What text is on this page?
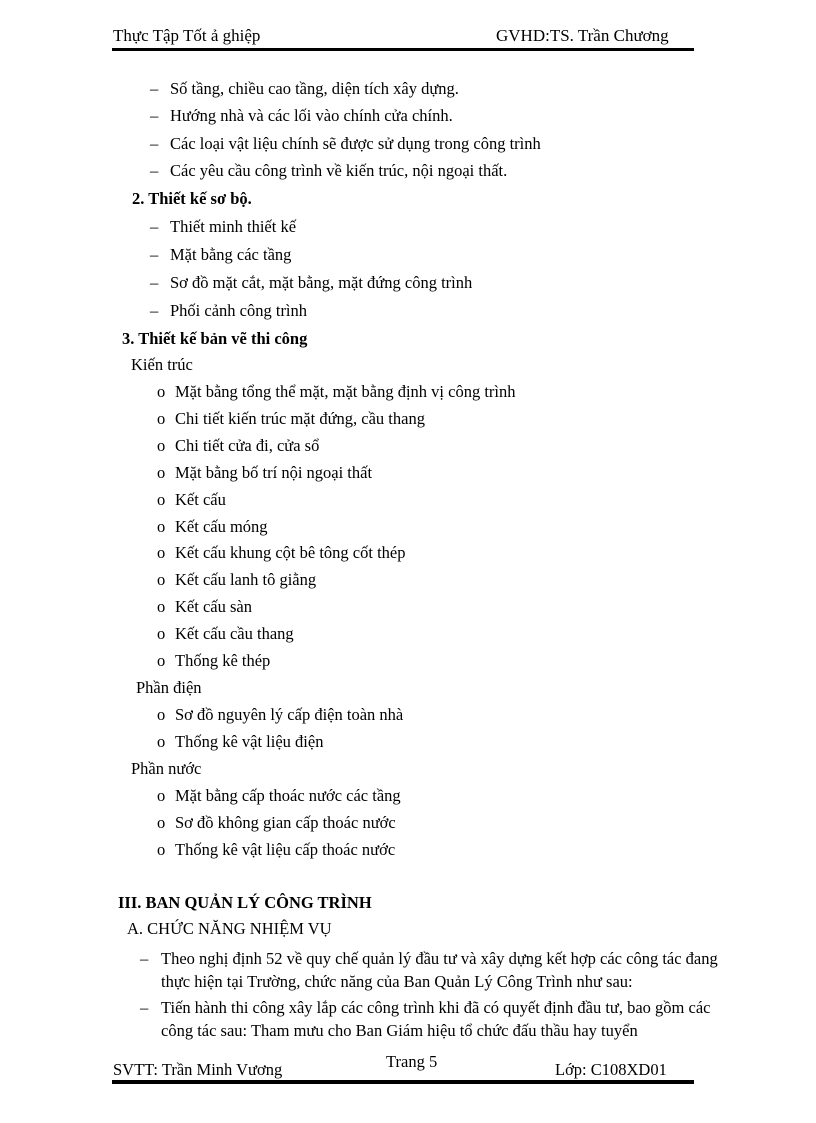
Thực Tập Tốt ả ghiệp	GVHD:TS. Trần Chương
– Số tầng, chiều cao tầng, diện tích xây dựng.
– Hướng nhà và các lối vào chính cửa chính.
– Các loại vật liệu chính sẽ được sử dụng trong công trình
– Các yêu cầu công trình về kiến trúc, nội ngoại thất.
2. Thiết kế sơ bộ.
– Thiết minh thiết kế
– Mặt bằng các tầng
– Sơ đồ mặt cắt, mặt bằng, mặt đứng công trình
– Phối cảnh công trình
3. Thiết kế bản vẽ thi công
Kiến trúc
o Mặt bằng tổng thể mặt, mặt bằng định vị công trình
o Chi tiết kiến trúc mặt đứng, cầu thang
o Chi tiết cửa đi, cửa sổ
o Mặt bằng bố trí nội ngoại thất
o Kết cấu
o Kết cấu móng
o Kết cấu khung cột bê tông cốt thép
o Kết cấu lanh tô giằng
o Kết cấu sàn
o Kết cấu cầu thang
o Thống kê thép
Phần điện
o Sơ đồ nguyên lý cấp điện toàn nhà
o Thống kê vật liệu điện
Phần nước
o Mặt bằng cấp thoác nước các tầng
o Sơ đồ không gian cấp thoác nước
o Thống kê vật liệu cấp thoác nước
III. BAN QUẢN LÝ CÔNG TRÌNH
A. CHỨC NĂNG NHIỆM VỤ
– Theo nghị định 52 về quy chế quản lý đầu tư và xây dựng kết hợp các công tác đang thực hiện tại Trường, chức năng của Ban Quản Lý Công Trình như sau:
– Tiến hành thi công xây lắp các công trình khi đã có quyết định đầu tư, bao gồm các công tác sau: Tham mưu cho Ban Giám hiệu tổ chức đấu thầu hay tuyển
Trang 5
SVTT: Trần Minh Vương	Lớp: C108XD01
